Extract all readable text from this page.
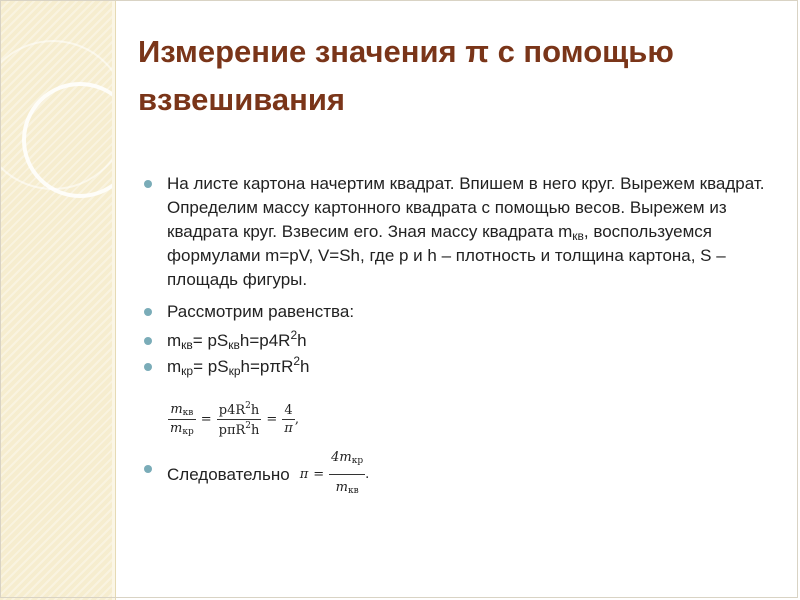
Измерение значения π с помощью взвешивания
На листе картона начертим квадрат. Впишем в него круг. Вырежем квадрат. Определим массу картонного квадрата с помощью весов. Вырежем из квадрата круг. Взвесим его. Зная массу квадрата $m_{кв}$, воспользуемся формулами m=pV, V=Sh, где p и h – плотность и толщина картона, S – площадь фигуры.
Рассмотрим равенства:
$m_{кв}= pS_{кв}h=p4R^2h$
$m_{кр}= pS_{кр}h=p\pi R^2h$
$\frac{\text{mкв}}{\text{mкр}} = \frac{p4R^2h}{p\pi R^2h} = \frac{4}{\pi}$ ,
Следовательно $\pi = \frac{\text{4mкр}}{\text{mкв}}$ .
